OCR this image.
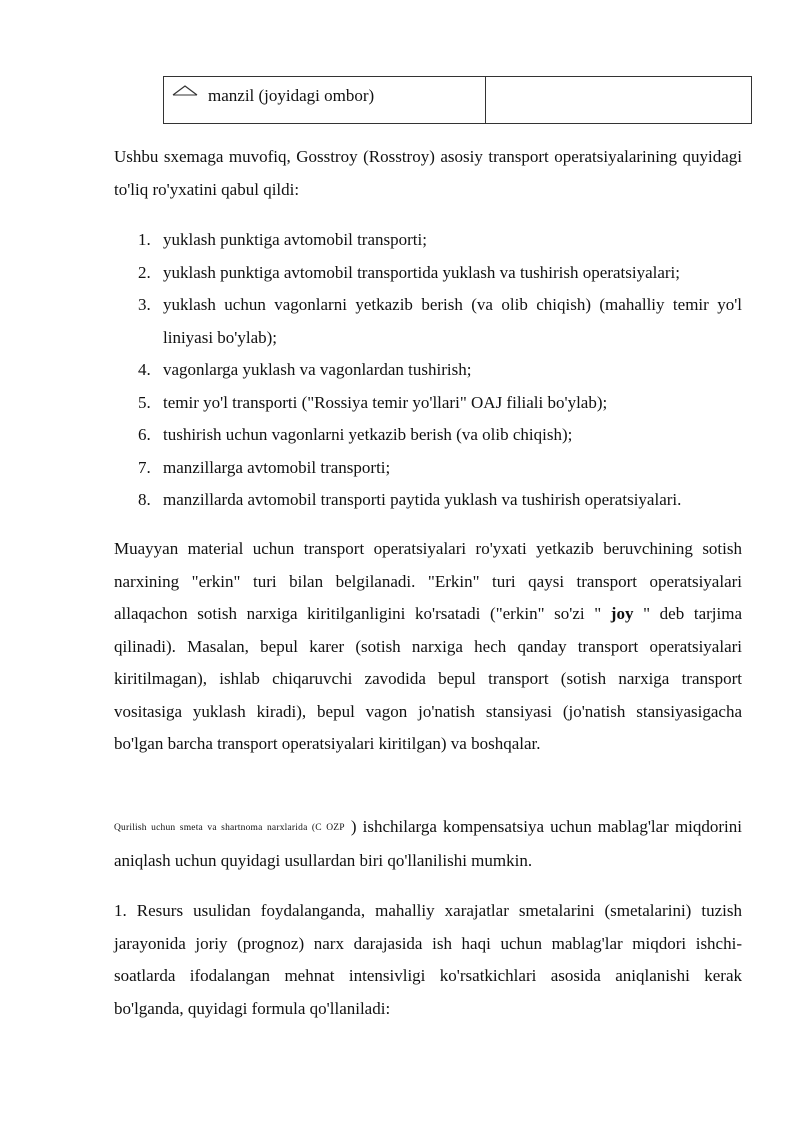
manzil (joyidagi ombor)

Ushbu sxemaga muvofiq, Gosstroy (Rosstroy) asosiy transport operatsiyalarining quyidagi to'liq ro'yxatini qabul qildi:

1. yuklash punktiga avtomobil transporti;
2. yuklash punktiga avtomobil transportida yuklash va tushirish operatsiyalari;
3. yuklash uchun vagonlarni yetkazib berish (va olib chiqish) (mahalliy temir yo'l liniyasi bo'ylab);
4. vagonlarga yuklash va vagonlardan tushirish;
5. temir yo'l transporti ("Rossiya temir yo'llari" OAJ filiali bo'ylab);
6. tushirish uchun vagonlarni yetkazib berish (va olib chiqish);
7. manzillarga avtomobil transporti;
8. manzillarda avtomobil transporti paytida yuklash va tushirish operatsiyalari.

Muayyan material uchun transport operatsiyalari ro'yxati yetkazib beruvchining sotish narxining "erkin" turi bilan belgilanadi. "Erkin" turi qaysi transport operatsiyalari allaqachon sotish narxiga kiritilganligini ko'rsatadi ("erkin" so'zi " joy " deb tarjima qilinadi). Masalan, bepul karer (sotish narxiga hech qanday transport operatsiyalari kiritilmagan), ishlab chiqaruvchi zavodida bepul transport (sotish narxiga transport vositasiga yuklash kiradi), bepul vagon jo'natish stansiyasi (jo'natish stansiyasigacha bo'lgan barcha transport operatsiyalari kiritilgan) va boshqalar.

Qurilish uchun smeta va shartnoma narxlarida (C OZP ) ishchilarga kompensatsiya uchun mablag'lar miqdorini aniqlash uchun quyidagi usullardan biri qo'llanilishi mumkin.

1. Resurs usulidan foydalanganda, mahalliy xarajatlar smetalarini (smetalarini) tuzish jarayonida joriy (prognoz) narx darajasida ish haqi uchun mablag'lar miqdori ishchi-soatlarda ifodalangan mehnat intensivligi ko'rsatkichlari asosida aniqlanishi kerak bo'lganda, quyidagi formula qo'llaniladi:
